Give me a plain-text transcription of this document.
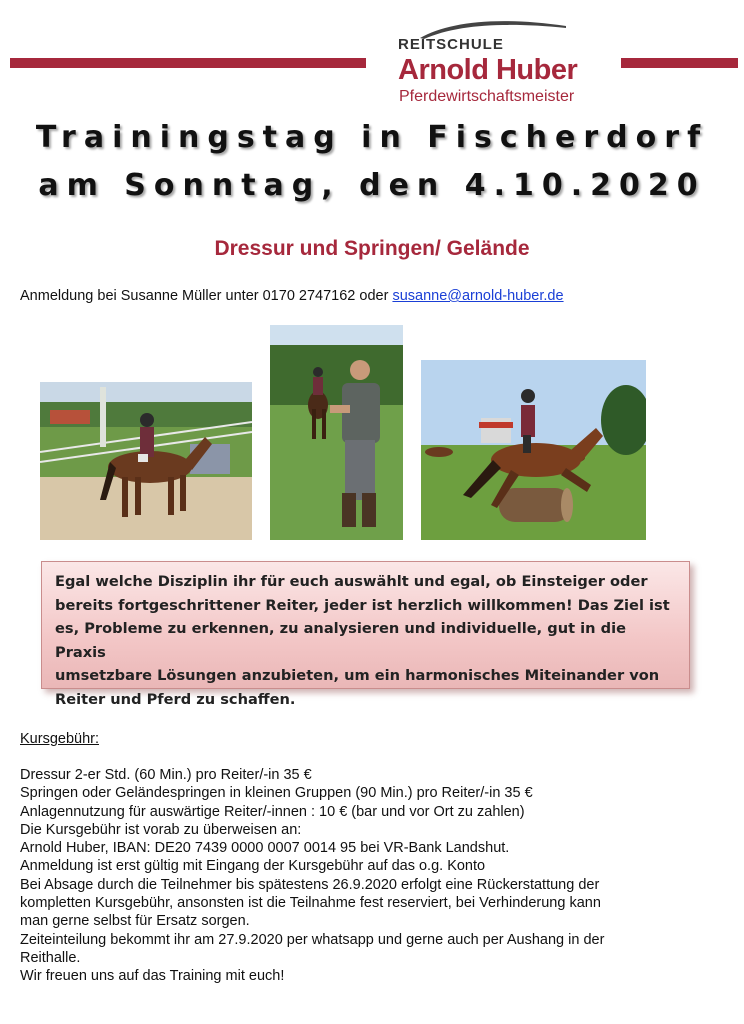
REITSCHULE
Arnold Huber
Pferdewirtschaftsmeister
Trainingstag in Fischerdorf
am Sonntag, den 4.10.2020
Dressur und Springen/ Gelände
Anmeldung bei Susanne Müller unter 0170 2747162 oder susanne@arnold-huber.de
Egal welche Disziplin ihr für euch auswählt und egal, ob Einsteiger oder
bereits fortgeschrittener Reiter, jeder ist herzlich willkommen! Das Ziel ist
es, Probleme zu erkennen, zu analysieren und individuelle, gut in die Praxis
umsetzbare Lösungen anzubieten, um ein harmonisches Miteinander von
Reiter und Pferd zu schaffen.
Kursgebühr:
Dressur 2-er Std. (60 Min.) pro Reiter/-in 35 €
Springen oder Geländespringen in kleinen Gruppen (90 Min.) pro Reiter/-in 35 €
Anlagennutzung für auswärtige Reiter/-innen : 10 € (bar und vor Ort zu zahlen)
Die Kursgebühr ist vorab zu überweisen an:
Arnold Huber, IBAN: DE20 7439 0000 0007 0014 95 bei VR-Bank Landshut.
Anmeldung ist erst gültig mit Eingang der Kursgebühr auf das o.g. Konto
Bei Absage durch die Teilnehmer bis spätestens 26.9.2020 erfolgt eine Rückerstattung der
kompletten Kursgebühr, ansonsten ist die Teilnahme fest reserviert, bei Verhinderung kann
man gerne selbst für Ersatz sorgen.
Zeiteinteilung bekommt ihr am 27.9.2020 per whatsapp und gerne auch per Aushang in der
Reithalle.
Wir freuen uns auf das Training mit euch!
